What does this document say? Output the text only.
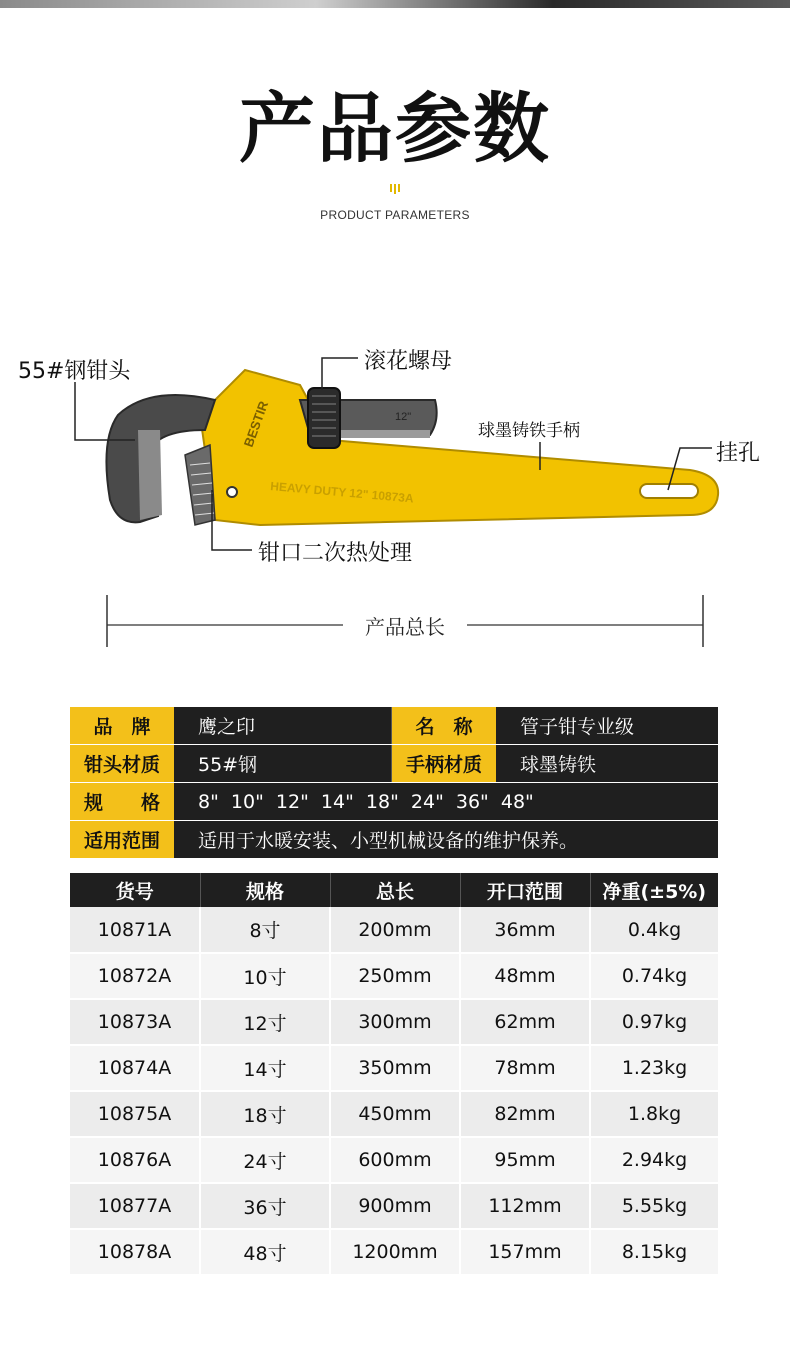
产品参数
PRODUCT PARAMETERS
BESTIR	12"
HEAVY DUTY 12" 10873A
55#钢钳头	滚花螺母
球墨铸铁手柄
挂孔
钳口二次热处理
产品总长
品　牌	鹰之印	名　称	管子钳专业级
钳头材质	55#钢	手柄材质	球墨铸铁
规　　格	8"  10"  12"  14"  18"  24"  36"  48"
适用范围	适用于水暖安装、小型机械设备的维护保养。
货号	规格	总长	开口范围	净重(±5%)
10871A	8寸	200mm	36mm	0.4kg
10872A	10寸	250mm	48mm	0.74kg
10873A	12寸	300mm	62mm	0.97kg
10874A	14寸	350mm	78mm	1.23kg
10875A	18寸	450mm	82mm	1.8kg
10876A	24寸	600mm	95mm	2.94kg
10877A	36寸	900mm	112mm	5.55kg
10878A	48寸	1200mm	157mm	8.15kg
